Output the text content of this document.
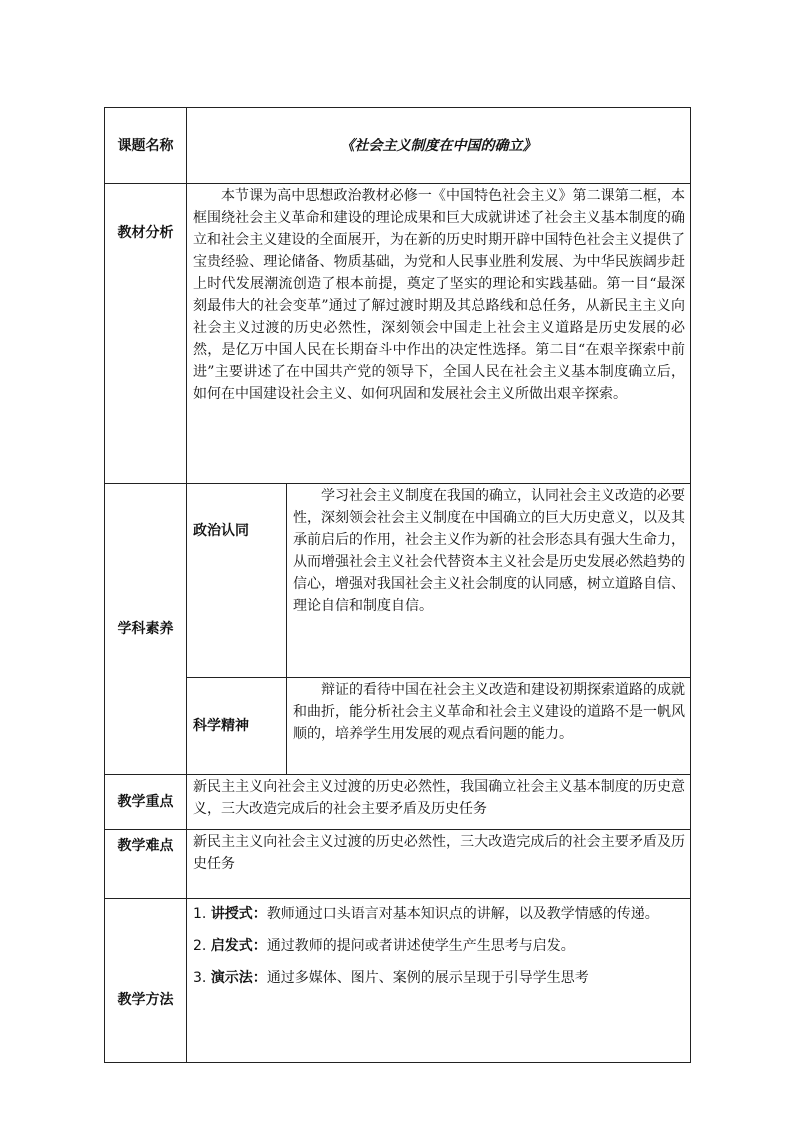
课题名称	《社会主义制度在中国的确立》	
教材分析	本节课为高中思想政治教材必修一《中国特色社会主义》第二课第二框，本框围绕社会主义革命和建设的理论成果和巨大成就讲述了社会主义基本制度的确立和社会主义建设的全面展开，为在新的历史时期开辟中国特色社会主义提供了宝贵经验、理论储备、物质基础，为党和人民事业胜利发展、为中华民族阔步赶上时代发展潮流创造了根本前提，奠定了坚实的理论和实践基础。第一目“最深刻最伟大的社会变革”通过了解过渡时期及其总路线和总任务，从新民主主义向社会主义过渡的历史必然性，深刻领会中国走上社会主义道路是历史发展的必然，是亿万中国人民在长期奋斗中作出的决定性选择。第二目“在艰辛探索中前进”主要讲述了在中国共产党的领导下，全国人民在社会主义基本制度确立后，如何在中国建设社会主义、如何巩固和发展社会主义所做出艰辛探索。	

学科素养	政治认同	学习社会主义制度在我国的确立，认同社会主义改造的必要性，深刻领会社会主义制度在中国确立的巨大历史意义，以及其承前启后的作用，社会主义作为新的社会形态具有强大生命力，从而增强社会主义社会代替资本主义社会是历史发展必然趋势的信心，增强对我国社会主义社会制度的认同感，树立道路自信、理论自信和制度自信。

	科学精神	辩证的看待中国在社会主义改造和建设初期探索道路的成就和曲折，能分析社会主义革命和社会主义建设的道路不是一帆风顺的，培养学生用发展的观点看问题的能力。

教学重点	新民主主义向社会主义过渡的历史必然性，我国确立社会主义基本制度的历史意义，三大改造完成后的社会主要矛盾及历史任务	

教学难点	新民主主义向社会主义过渡的历史必然性，三大改造完成后的社会主要矛盾及历史任务	

教学方法	1. 讲授式：教师通过口头语言对基本知识点的讲解，以及教学情感的传递。

2. 启发式：通过教师的提问或者讲述使学生产生思考与启发。

3. 演示法：通过多媒体、图片、案例的展示呈现于引导学生思考	
